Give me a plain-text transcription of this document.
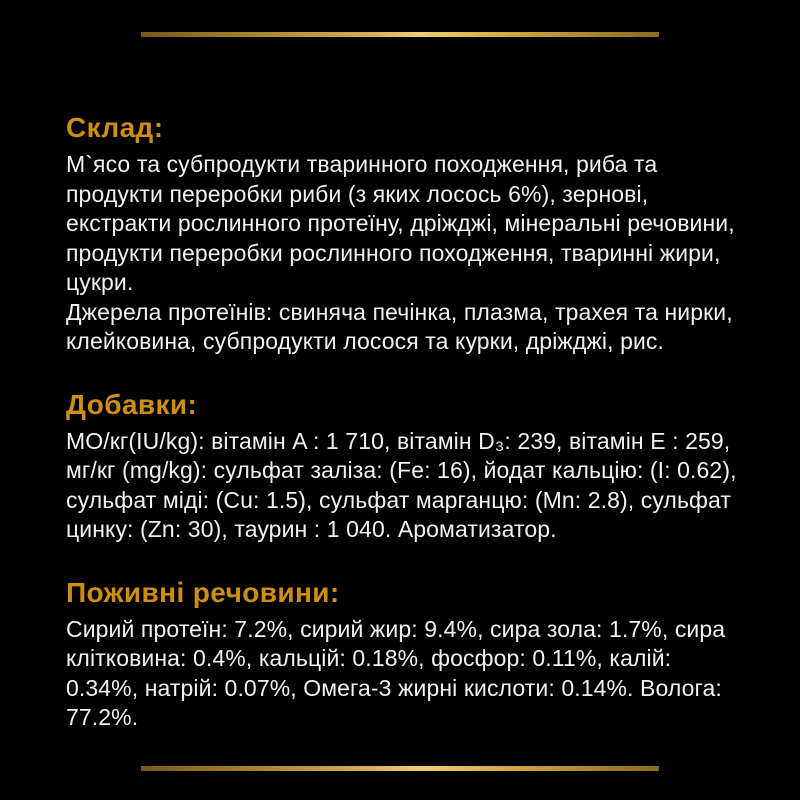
Склад:

М`ясо та субпродукти тваринного походження, риба та продукти переробки риби (з яких лосось 6%), зернові, екстракти рослинного протеїну, дріжджі, мінеральні речовини, продукти переробки рослинного походження, тваринні жири, цукри.

Джерела протеїнів: свиняча печінка, плазма, трахея та нирки, клейковина, субпродукти лосося та курки, дріжджі, рис.

Добавки:

МО/кг(IU/kg): вітамін A : 1 710, вітамін D₃: 239, вітамін E : 259, мг/кг (mg/kg): сульфат заліза: (Fe: 16), йодат кальцію: (I: 0.62), сульфат міді: (Cu: 1.5), сульфат марганцю: (Mn: 2.8), сульфат цинку: (Zn: 30), таурин : 1 040. Ароматизатор.

Поживні речовини:

Сирий протеїн: 7.2%, сирий жир: 9.4%, сира зола: 1.7%, сира клітковина: 0.4%, кальцій: 0.18%, фосфор: 0.11%, калій: 0.34%, натрій: 0.07%, Омега-3 жирні кислоти: 0.14%. Волога: 77.2%.
